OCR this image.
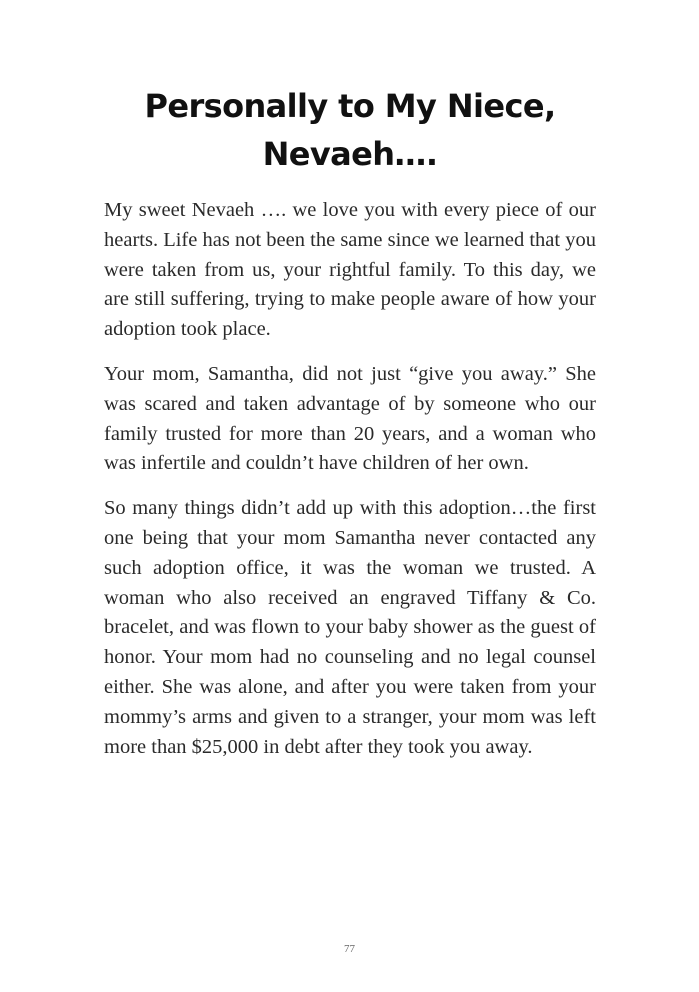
Personally to My Niece,
Nevaeh….

My sweet Nevaeh …. we love you with every piece of our hearts. Life has not been the same since we learned that you were taken from us, your rightful family. To this day, we are still suffering, trying to make people aware of how your adoption took place.

Your mom, Samantha, did not just “give you away.” She was scared and taken advantage of by someone who our family trusted for more than 20 years, and a woman who was infertile and couldn’t have children of her own.

So many things didn’t add up with this adoption…the first one being that your mom Samantha never contacted any such adoption office, it was the woman we trusted. A woman who also received an engraved Tiffany & Co. bracelet, and was flown to your baby shower as the guest of honor. Your mom had no counseling and no legal counsel either. She was alone, and after you were taken from your mommy’s arms and given to a stranger, your mom was left more than $25,000 in debt after they took you away.

77
